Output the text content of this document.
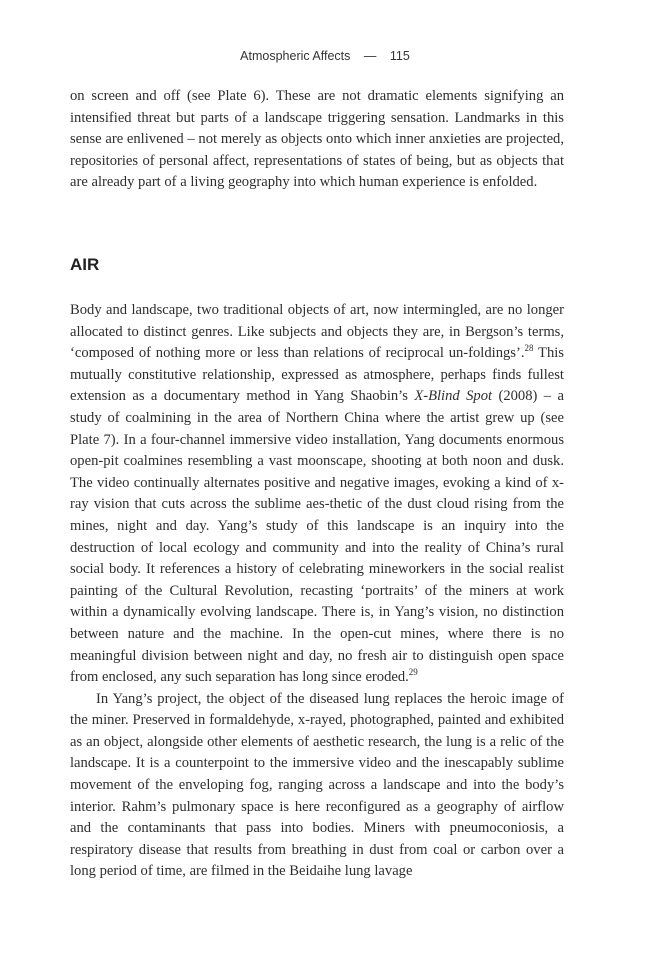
Atmospheric Affects — 115

on screen and off (see Plate 6). These are not dramatic elements signifying an intensified threat but parts of a landscape triggering sensation. Landmarks in this sense are enlivened – not merely as objects onto which inner anxieties are projected, repositories of personal affect, representations of states of being, but as objects that are already part of a living geography into which human experience is enfolded.

AIR

Body and landscape, two traditional objects of art, now intermingled, are no longer allocated to distinct genres. Like subjects and objects they are, in Bergson’s terms, ‘composed of nothing more or less than relations of reciprocal un-foldings’.$^{28}$ This mutually constitutive relationship, expressed as atmosphere, perhaps finds fullest extension as a documentary method in Yang Shaobin’s X-Blind Spot (2008) – a study of coalmining in the area of Northern China where the artist grew up (see Plate 7). In a four-channel immersive video installation, Yang documents enormous open-pit coalmines resembling a vast moonscape, shooting at both noon and dusk. The video continually alternates positive and negative images, evoking a kind of x-ray vision that cuts across the sublime aes-thetic of the dust cloud rising from the mines, night and day. Yang’s study of this landscape is an inquiry into the destruction of local ecology and community and into the reality of China’s rural social body. It references a history of celebrating mineworkers in the social realist painting of the Cultural Revolution, recasting ‘portraits’ of the miners at work within a dynamically evolving landscape. There is, in Yang’s vision, no distinction between nature and the machine. In the open-cut mines, where there is no meaningful division between night and day, no fresh air to distinguish open space from enclosed, any such separation has long since eroded.$^{29}$

In Yang’s project, the object of the diseased lung replaces the heroic image of the miner. Preserved in formaldehyde, x-rayed, photographed, painted and exhibited as an object, alongside other elements of aesthetic research, the lung is a relic of the landscape. It is a counterpoint to the immersive video and the inescapably sublime movement of the enveloping fog, ranging across a landscape and into the body’s interior. Rahm’s pulmonary space is here reconfigured as a geography of airflow and the contaminants that pass into bodies. Miners with pneumoconiosis, a respiratory disease that results from breathing in dust from coal or carbon over a long period of time, are filmed in the Beidaihe lung lavage
